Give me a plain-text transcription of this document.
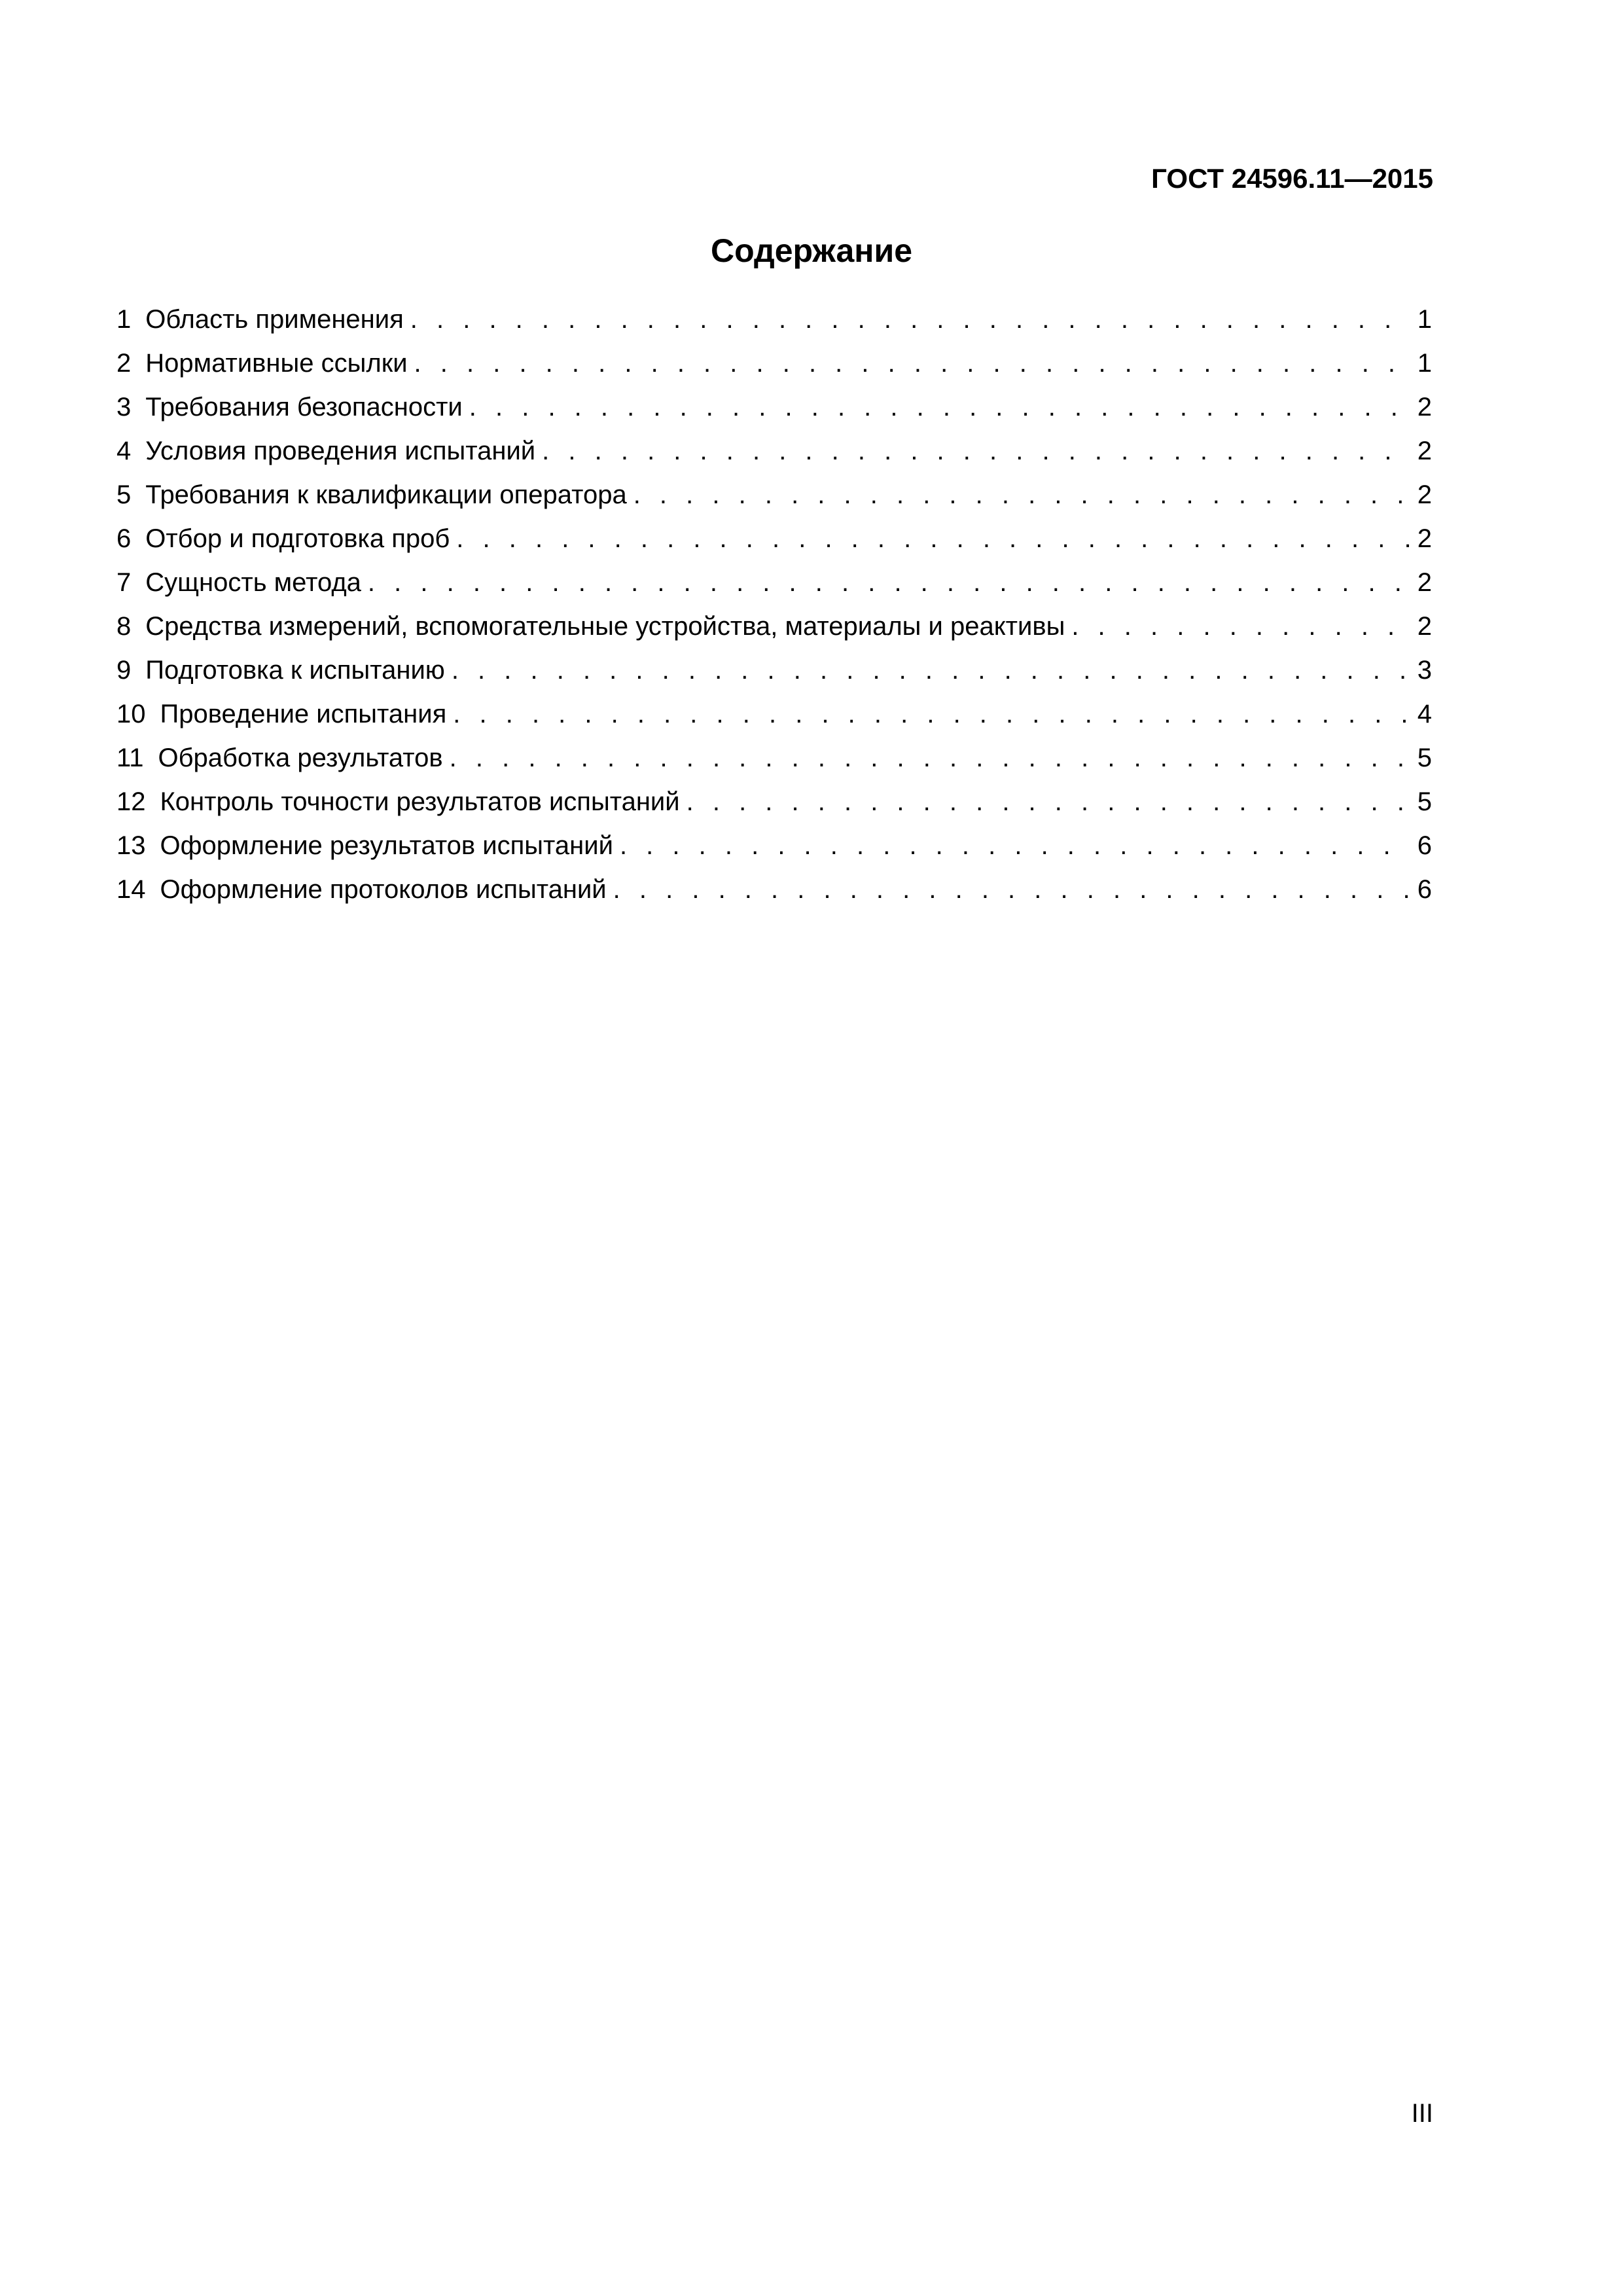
ГОСТ 24596.11—2015
Содержание
1 Область применения . . .	1
2 Нормативные ссылки . . .	1
3 Требования безопасности . . .	2
4 Условия проведения испытаний . . .	2
5 Требования к квалификации оператора . . .	2
6 Отбор и подготовка проб . . .	2
7 Сущность метода . . .	2
8 Средства измерений, вспомогательные устройства, материалы и реактивы . . .	2
9 Подготовка к испытанию . . .	3
10 Проведение испытания . . .	4
11 Обработка результатов . . .	5
12 Контроль точности результатов испытаний . . .	5
13 Оформление результатов испытаний . . .	6
14 Оформление протоколов испытаний . . .	6
III
